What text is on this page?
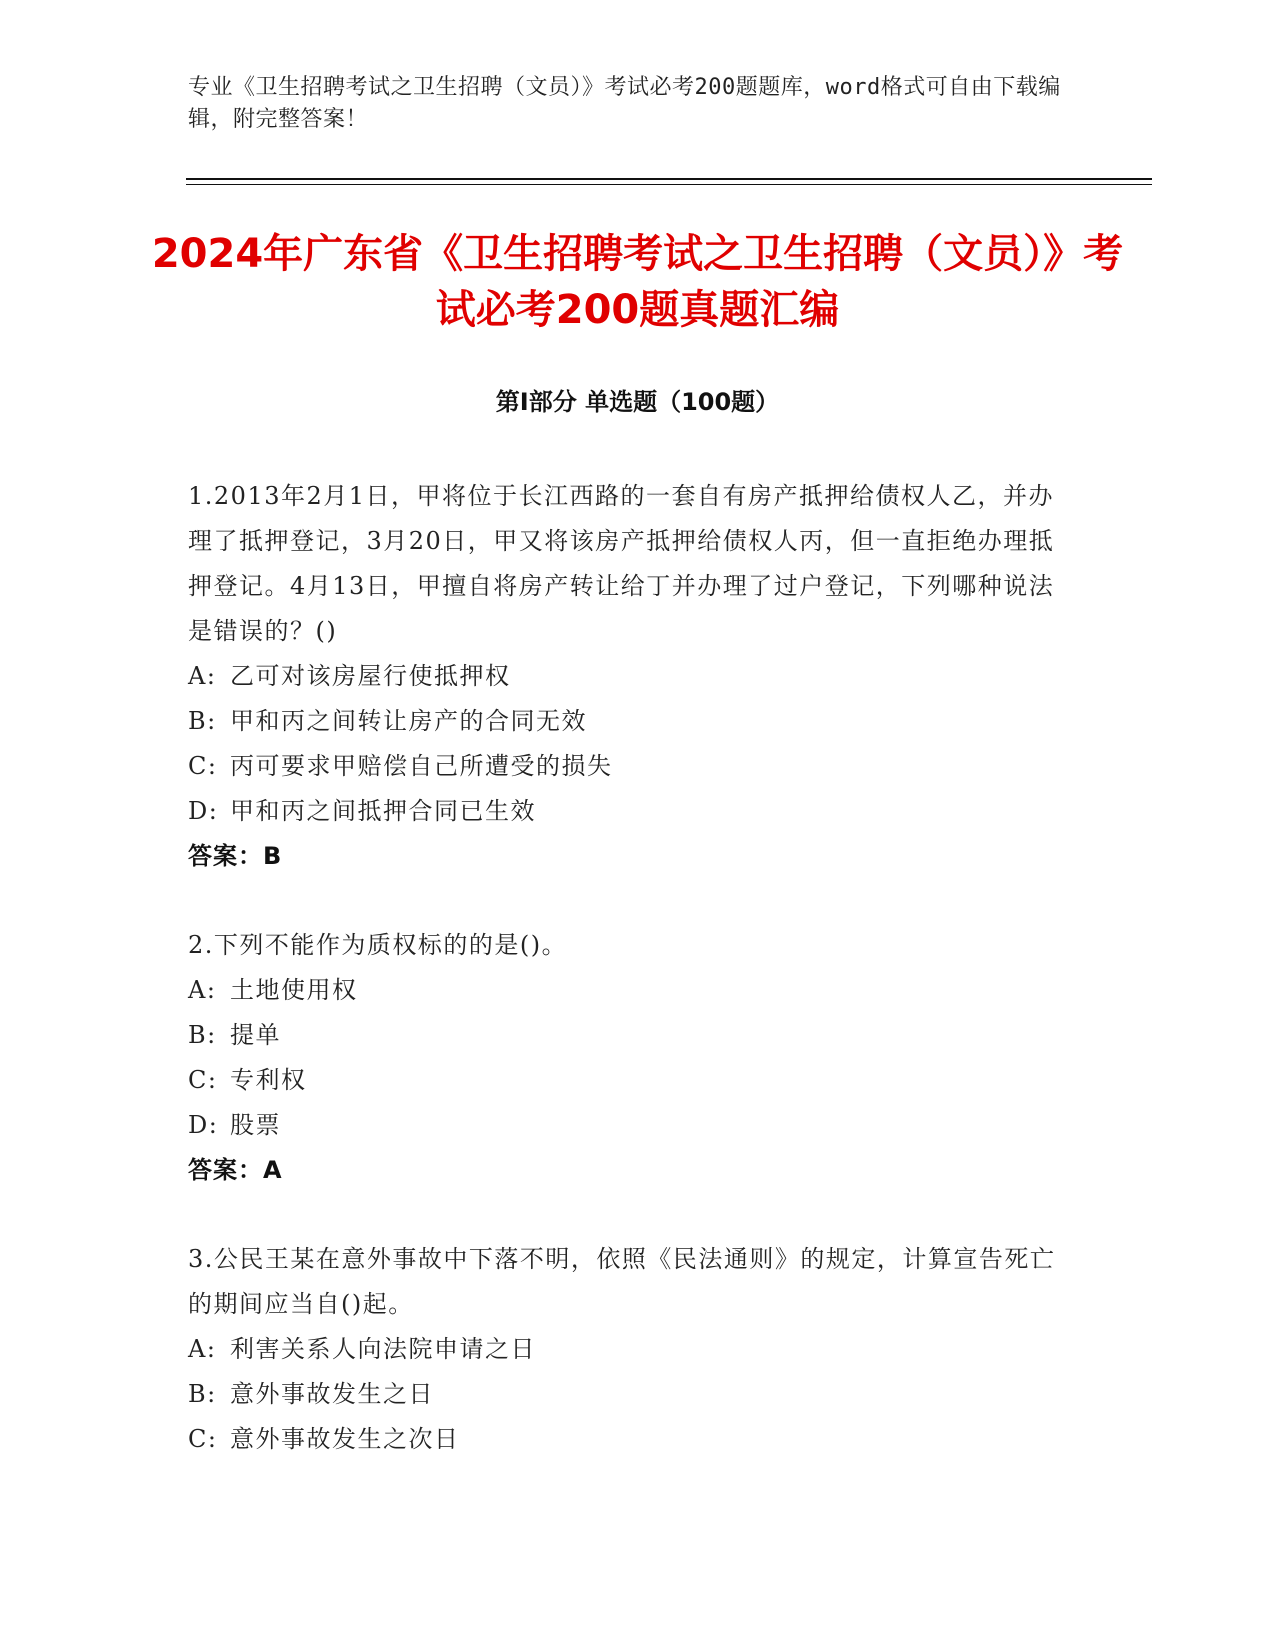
专业《卫生招聘考试之卫生招聘（文员）》考试必考200题题库，word格式可自由下载编辑，附完整答案！
2024年广东省《卫生招聘考试之卫生招聘（文员）》考试必考200题真题汇编
第Ⅰ部分 单选题（100题）
1.2013年2月1日，甲将位于长江西路的一套自有房产抵押给债权人乙，并办理了抵押登记，3月20日，甲又将该房产抵押给债权人丙，但一直拒绝办理抵押登记。4月13日，甲擅自将房产转让给丁并办理了过户登记，下列哪种说法是错误的？()
A: 乙可对该房屋行使抵押权
B: 甲和丙之间转让房产的合同无效
C: 丙可要求甲赔偿自己所遭受的损失
D: 甲和丙之间抵押合同已生效
答案：B
2.下列不能作为质权标的的是()。
A: 土地使用权
B: 提单
C: 专利权
D: 股票
答案：A
3.公民王某在意外事故中下落不明，依照《民法通则》的规定，计算宣告死亡的期间应当自()起。
A: 利害关系人向法院申请之日
B: 意外事故发生之日
C: 意外事故发生之次日
